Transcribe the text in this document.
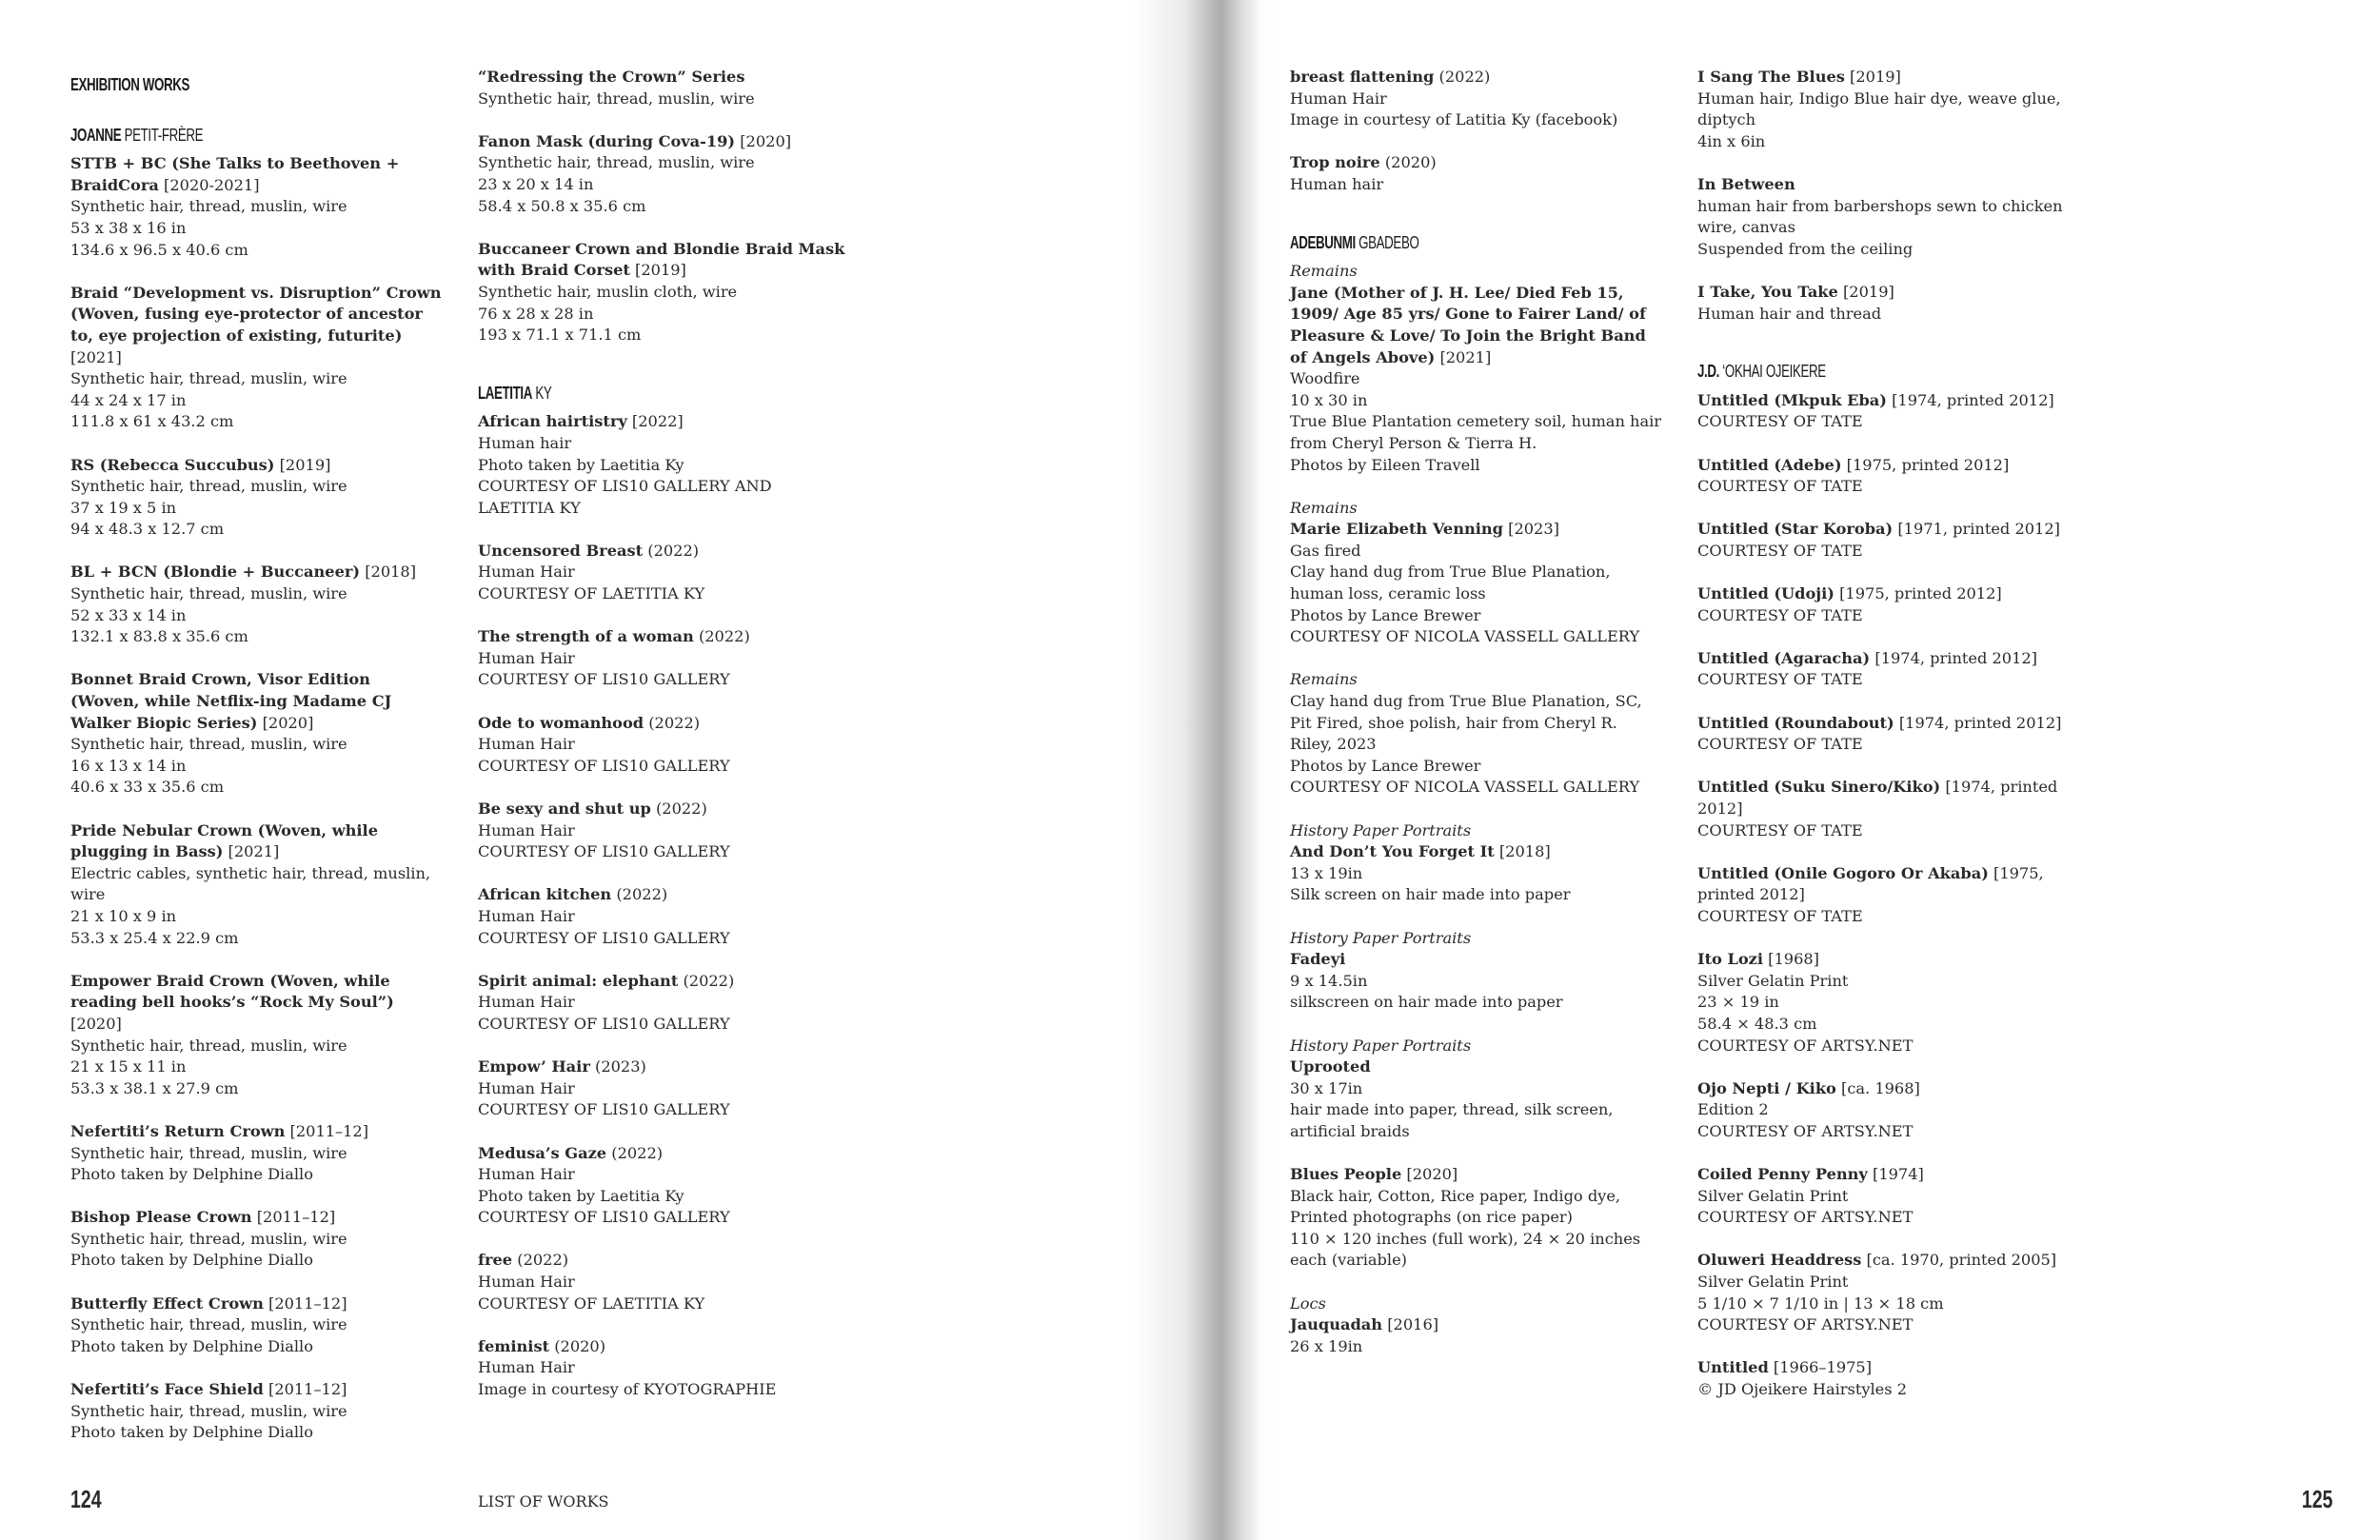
EXHIBITION WORKS
JOANNE PETIT-FRÈRE
STTB + BC (She Talks to Beethoven + BraidCora [2020-2021]
Synthetic hair, thread, muslin, wire
53 x 38 x 16 in
134.6 x 96.5 x 40.6 cm
Braid “Development vs. Disruption” Crown (Woven, fusing eye-protector of ancestor to, eye projection of existing, futurite) [2021]
Synthetic hair, thread, muslin, wire
44 x 24 x 17 in
111.8 x 61 x 43.2 cm
RS (Rebecca Succubus) [2019]
Synthetic hair, thread, muslin, wire
37 x 19 x 5 in
94 x 48.3 x 12.7 cm
BL + BCN (Blondie + Buccaneer) [2018]
Synthetic hair, thread, muslin, wire
52 x 33 x 14 in
132.1 x 83.8 x 35.6 cm
Bonnet Braid Crown, Visor Edition (Woven, while Netflix-ing Madame CJ Walker Biopic Series) [2020]
Synthetic hair, thread, muslin, wire
16 x 13 x 14 in
40.6 x 33 x 35.6 cm
Pride Nebular Crown (Woven, while plugging in Bass) [2021]
Electric cables, synthetic hair, thread, muslin, wire
21 x 10 x 9 in
53.3 x 25.4 x 22.9 cm
Empower Braid Crown (Woven, while reading bell hooks’s “Rock My Soul”) [2020]
Synthetic hair, thread, muslin, wire
21 x 15 x 11 in
53.3 x 38.1 x 27.9 cm
Nefertiti’s Return Crown [2011–12]
Synthetic hair, thread, muslin, wire
Photo taken by Delphine Diallo
Bishop Please Crown [2011–12]
Synthetic hair, thread, muslin, wire
Photo taken by Delphine Diallo
Butterfly Effect Crown [2011–12]
Synthetic hair, thread, muslin, wire
Photo taken by Delphine Diallo
Nefertiti’s Face Shield [2011–12]
Synthetic hair, thread, muslin, wire
Photo taken by Delphine Diallo
“Redressing the Crown” Series
Synthetic hair, thread, muslin, wire
Fanon Mask (during Cova-19) [2020]
Synthetic hair, thread, muslin, wire
23 x 20 x 14 in
58.4 x 50.8 x 35.6 cm
Buccaneer Crown and Blondie Braid Mask with Braid Corset [2019]
Synthetic hair, muslin cloth, wire
76 x 28 x 28 in
193 x 71.1 x 71.1 cm
LAETITIA KY
African hairtistry [2022]
Human hair
Photo taken by Laetitia Ky
COURTESY OF LIS10 GALLERY AND LAETITIA KY
Uncensored Breast (2022)
Human Hair
COURTESY OF LAETITIA KY
The strength of a woman (2022)
Human Hair
COURTESY OF LIS10 GALLERY
Ode to womanhood (2022)
Human Hair
COURTESY OF LIS10 GALLERY
Be sexy and shut up (2022)
Human Hair
COURTESY OF LIS10 GALLERY
African kitchen (2022)
Human Hair
COURTESY OF LIS10 GALLERY
Spirit animal: elephant (2022)
Human Hair
COURTESY OF LIS10 GALLERY
Empow’ Hair (2023)
Human Hair
COURTESY OF LIS10 GALLERY
Medusa’s Gaze (2022)
Human Hair
Photo taken by Laetitia Ky
COURTESY OF LIS10 GALLERY
free (2022)
Human Hair
COURTESY OF LAETITIA KY
feminist (2020)
Human Hair
Image in courtesy of KYOTOGRAPHIE
breast flattening (2022)
Human Hair
Image in courtesy of Latitia Ky (facebook)
Trop noire (2020)
Human hair
ADEBUNMI GBADEBO
Remains
Jane (Mother of J. H. Lee/ Died Feb 15, 1909/ Age 85 yrs/ Gone to Fairer Land/ of Pleasure & Love/ To Join the Bright Band of Angels Above) [2021]
Woodfire
10 x 30 in
True Blue Plantation cemetery soil, human hair from Cheryl Person & Tierra H.
Photos by Eileen Travell
Remains
Marie Elizabeth Venning [2023]
Gas fired
Clay hand dug from True Blue Planation, human loss, ceramic loss
Photos by Lance Brewer
COURTESY OF NICOLA VASSELL GALLERY
Remains
Clay hand dug from True Blue Planation, SC, Pit Fired, shoe polish, hair from Cheryl R. Riley, 2023
Photos by Lance Brewer
COURTESY OF NICOLA VASSELL GALLERY
History Paper Portraits
And Don’t You Forget It [2018]
13 x 19in
Silk screen on hair made into paper
History Paper Portraits
Fadeyi
9 x 14.5in
silkscreen on hair made into paper
History Paper Portraits
Uprooted
30 x 17in
hair made into paper, thread, silk screen, artificial braids
Blues People [2020]
Black hair, Cotton, Rice paper, Indigo dye, Printed photographs (on rice paper)
110 × 120 inches (full work), 24 × 20 inches each (variable)
Locs
Jauquadah [2016]
26 x 19in
I Sang The Blues [2019]
Human hair, Indigo Blue hair dye, weave glue, diptych
4in x 6in
In Between
human hair from barbershops sewn to chicken wire, canvas
Suspended from the ceiling
I Take, You Take [2019]
Human hair and thread
J.D. ‘OKHAI OJEIKERE
Untitled (Mkpuk Eba) [1974, printed 2012]
COURTESY OF TATE
Untitled (Adebe) [1975, printed 2012]
COURTESY OF TATE
Untitled (Star Koroba) [1971, printed 2012]
COURTESY OF TATE
Untitled (Udoji) [1975, printed 2012]
COURTESY OF TATE
Untitled (Agaracha) [1974, printed 2012]
COURTESY OF TATE
Untitled (Roundabout) [1974, printed 2012]
COURTESY OF TATE
Untitled (Suku Sinero/Kiko) [1974, printed 2012]
COURTESY OF TATE
Untitled (Onile Gogoro Or Akaba) [1975, printed 2012]
COURTESY OF TATE
Ito Lozi [1968]
Silver Gelatin Print
23 × 19 in
58.4 × 48.3 cm
COURTESY OF ARTSY.NET
Ojo Nepti / Kiko [ca. 1968]
Edition 2
COURTESY OF ARTSY.NET
Coiled Penny Penny [1974]
Silver Gelatin Print
COURTESY OF ARTSY.NET
Oluweri Headdress [ca. 1970, printed 2005]
Silver Gelatin Print
5 1/10 × 7 1/10 in | 13 × 18 cm
COURTESY OF ARTSY.NET
Untitled [1966–1975]
© JD Ojeikere Hairstyles 2
124	LIST OF WORKS	125
